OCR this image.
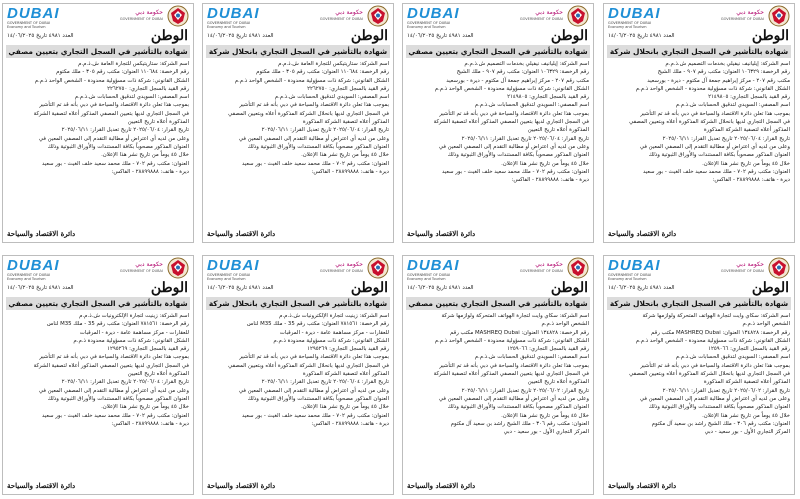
DUBAI
GOVERNMENT OF DUBAI
Economy and Tourism
حكومة دبي
GOVERNMENT OF DUBAI
العدد ٤٩٨١ تاريخ ١٤/٠٦/٢٠٢٥	الوطن
شهادة بالتأشير في السجل التجاري بانحلال شركة

اسم الشركة: إيليانيف نيفيلي بخدمات التصميم ش.ذ.م.م

رقم الرخصة: ١٠٦٣٢٩ العنوان: مكتب رقم ٩٠٧ - ملك الشيخ

مكتب رقم ٢٠٧ - مركز إبراهيم جمعة آل مكتوم - ديرة - بورسعيد

الشكل القانوني: شركة ذات مسؤولية محدودة - الشخص الواحد ذ.م.م

رقم القيد بالسجل التجاري: ٢١٤٩٨٠٥

اسم المصفي: السويدي لتدقيق الحسابات ش.ذ.م.م

بموجب هذا تعلن دائرة الاقتصاد والسياحة في دبي بأنه قد تم التأشير

في السجل التجاري لديها بانحلال الشركة المذكورة أعلاه وبتعيين المصفي

المذكور أعلاه لتصفية الشركة المذكورة

تاريخ القرار: ٢٠٢٥/٠٦/٠٤ تاريخ تعديل القرار: ٢٠٢٥/٠٦/١١

وعلى من لديه أي اعتراض أو مطالبة التقدم إلى المصفي المعين في

العنوان المذكور مصحوباً بكافة المستندات والأوراق الثبوتية وذلك

خلال ٤٥ يوماً من تاريخ نشر هذا الإعلان.

العنوان: مكتب رقم ٧٠٢ - ملك محمد سعيد خلف الغيث - بور سعيد

ديرة - هاتف: ٢٨٨٩٩٨٨٨ - الفاكس:

دائرة الاقتصاد والسياحة
DUBAI
GOVERNMENT OF DUBAI
Economy and Tourism
حكومة دبي
GOVERNMENT OF DUBAI
العدد ٤٩٨١ تاريخ ١٤/٠٦/٢٠٢٥	الوطن
شهادة بالتأشير في السجل التجاري بتعيين مصفي

اسم الشركة: إيليانيف نيفيلي بخدمات التصميم ش.ذ.م.م

رقم الرخصة: ١٠٦٣٢٩ العنوان: مكتب رقم ٩٠٧ - ملك الشيخ

مكتب رقم ٢٠٧ - مركز إبراهيم جمعة آل مكتوم - ديرة - بورسعيد

الشكل القانوني: شركة ذات مسؤولية محدودة - الشخص الواحد ذ.م.م

رقم القيد بالسجل التجاري: ٢١٤٩٨٠٥

اسم المصفي: السويدي لتدقيق الحسابات ش.ذ.م.م

بموجب هذا تعلن دائرة الاقتصاد والسياحة في دبي بأنه قد تم التأشير

في السجل التجاري لديها بتعيين المصفي المذكور أعلاه لتصفية الشركة

المذكورة أعلاه تاريخ التعيين

تاريخ القرار: ٢٠٢٥/٠٦/٠٤ تاريخ تعديل القرار: ٢٠٢٥/٠٦/١١

وعلى من لديه أي اعتراض أو مطالبة التقدم إلى المصفي المعين في

العنوان المذكور مصحوباً بكافة المستندات والأوراق الثبوتية وذلك

خلال ٤٥ يوماً من تاريخ نشر هذا الإعلان.

العنوان: مكتب رقم ٧٠٢ - ملك محمد سعيد خلف الغيث - بور سعيد

ديرة - هاتف: ٢٨٨٩٩٨٨٨ - الفاكس:

دائرة الاقتصاد والسياحة
DUBAI
GOVERNMENT OF DUBAI
Economy and Tourism
حكومة دبي
GOVERNMENT OF DUBAI
العدد ٤٩٨١ تاريخ ١٤/٠٦/٢٠٢٥	الوطن
شهادة بالتأشير في السجل التجاري بانحلال شركة

اسم الشركة: ستاريتيكس للتجارة العامة ش.ذ.م.م

رقم الرخصة: ١١٠٦٨٤ العنوان: مكتب رقم ٣٠٥ - ملك مكتوم

الشكل القانوني: شركة ذات مسؤولية محدودة - الشخص الواحد ذ.م.م

رقم القيد بالسجل التجاري: ٢٢٦٢٧٥٠

اسم المصفي: السويدي لتدقيق الحسابات ش.ذ.م.م

بموجب هذا تعلن دائرة الاقتصاد والسياحة في دبي بأنه قد تم التأشير

في السجل التجاري لديها بانحلال الشركة المذكورة أعلاه وبتعيين المصفي

المذكور أعلاه لتصفية الشركة المذكورة

تاريخ القرار: ٢٠٢٥/٠٦/٠٤ تاريخ تعديل القرار: ٢٠٢٥/٠٦/١١

وعلى من لديه أي اعتراض أو مطالبة التقدم إلى المصفي المعين في

العنوان المذكور مصحوباً بكافة المستندات والأوراق الثبوتية وذلك

خلال ٤٥ يوماً من تاريخ نشر هذا الإعلان.

العنوان: مكتب رقم ٧٠٢ - ملك محمد سعيد خلف الغيث - بور سعيد

ديرة - هاتف: ٢٨٨٩٩٨٨٨ - الفاكس:

دائرة الاقتصاد والسياحة
DUBAI
GOVERNMENT OF DUBAI
Economy and Tourism
حكومة دبي
GOVERNMENT OF DUBAI
العدد ٤٩٨١ تاريخ ١٤/٠٦/٢٠٢٥	الوطن
شهادة بالتأشير في السجل التجاري بتعيين مصفي

اسم الشركة: ستاريتيكس للتجارة العامة ش.ذ.م.م

رقم الرخصة: ١١٠٦٨٤ العنوان: مكتب رقم ٣٠٥ - ملك مكتوم

الشكل القانوني: شركة ذات مسؤولية محدودة - الشخص الواحد ذ.م.م

رقم القيد بالسجل التجاري: ٢٢٦٢٧٥٠

اسم المصفي: السويدي لتدقيق الحسابات ش.ذ.م.م

بموجب هذا تعلن دائرة الاقتصاد والسياحة في دبي بأنه قد تم التأشير

في السجل التجاري لديها بتعيين المصفي المذكور أعلاه لتصفية الشركة

المذكورة أعلاه تاريخ التعيين

تاريخ القرار: ٢٠٢٥/٠٦/٠٤ تاريخ تعديل القرار: ٢٠٢٥/٠٦/١١

وعلى من لديه أي اعتراض أو مطالبة التقدم إلى المصفي المعين في

العنوان المذكور مصحوباً بكافة المستندات والأوراق الثبوتية وذلك

خلال ٤٥ يوماً من تاريخ نشر هذا الإعلان.

العنوان: مكتب رقم ٧٠٢ - ملك محمد سعيد خلف الغيث - بور سعيد

ديرة - هاتف: ٢٨٨٩٩٨٨٨ - الفاكس:

دائرة الاقتصاد والسياحة
DUBAI
GOVERNMENT OF DUBAI
Economy and Tourism
حكومة دبي
GOVERNMENT OF DUBAI
العدد ٤٩٨١ تاريخ ١٤/٠٦/٢٠٢٥	الوطن
شهادة بالتأشير في السجل التجاري بانحلال شركة

اسم الشركة: سكاي وايت لتجارة الهواتف المتحركة ولوازمها شركة

الشخص الواحد ذ.م.م

رقم الرخصة: ١٣٤٨٢٨ العنوان: MASHREQ Dubai مكتب رقم

الشكل القانوني: شركة ذات مسؤولية محدودة - الشخص الواحد ذ.م.م

رقم القيد بالسجل التجاري: ١٢٥٩٠٦٦

اسم المصفي: السويدي لتدقيق الحسابات ش.ذ.م.م

بموجب هذا تعلن دائرة الاقتصاد والسياحة في دبي بأنه قد تم التأشير

في السجل التجاري لديها بانحلال الشركة المذكورة أعلاه وبتعيين المصفي

المذكور أعلاه لتصفية الشركة المذكورة

تاريخ القرار: ٢٠٢٥/٠٦/٠٢ تاريخ تعديل القرار: ٢٠٢٥/٠٦/١١

وعلى من لديه أي اعتراض أو مطالبة التقدم إلى المصفي المعين في

العنوان المذكور مصحوباً بكافة المستندات والأوراق الثبوتية وذلك

خلال ٤٥ يوماً من تاريخ نشر هذا الإعلان.

العنوان: مكتب رقم ٣٠٦ - ملك الشيخ راشد بن سعيد آل مكتوم

المركز التجاري الأول - بور سعيد - دبي

دائرة الاقتصاد والسياحة
DUBAI
GOVERNMENT OF DUBAI
Economy and Tourism
حكومة دبي
GOVERNMENT OF DUBAI
العدد ٤٩٨١ تاريخ ١٤/٠٦/٢٠٢٥	الوطن
شهادة بالتأشير في السجل التجاري بتعيين مصفي

اسم الشركة: سكاي وايت لتجارة الهواتف المتحركة ولوازمها شركة

الشخص الواحد ذ.م.م

رقم الرخصة: ١٣٤٨٢٨ العنوان: MASHREQ Dubai مكتب رقم

الشكل القانوني: شركة ذات مسؤولية محدودة - الشخص الواحد ذ.م.م

رقم القيد بالسجل التجاري: ١٢٥٩٠٦٦

اسم المصفي: السويدي لتدقيق الحسابات ش.ذ.م.م

بموجب هذا تعلن دائرة الاقتصاد والسياحة في دبي بأنه قد تم التأشير

في السجل التجاري لديها بتعيين المصفي المذكور أعلاه لتصفية الشركة

المذكورة أعلاه تاريخ التعيين

تاريخ القرار: ٢٠٢٥/٠٦/٠٢ تاريخ تعديل القرار: ٢٠٢٥/٠٦/١١

وعلى من لديه أي اعتراض أو مطالبة التقدم إلى المصفي المعين في

العنوان المذكور مصحوباً بكافة المستندات والأوراق الثبوتية وذلك

خلال ٤٥ يوماً من تاريخ نشر هذا الإعلان.

العنوان: مكتب رقم ٣٠٦ - ملك الشيخ راشد بن سعيد آل مكتوم

المركز التجاري الأول - بور سعيد - دبي

دائرة الاقتصاد والسياحة
DUBAI
GOVERNMENT OF DUBAI
Economy and Tourism
حكومة دبي
GOVERNMENT OF DUBAI
العدد ٤٩٨١ تاريخ ١٤/٠٦/٢٠٢٥	الوطن
شهادة بالتأشير في السجل التجاري بانحلال شركة

اسم الشركة: زينيت لتجارة الإلكترونيات ش.ذ.م.م

رقم الرخصة: ٧٨١٥٦١ العنوان: مكتب رقم 35 - ملك M35 لناس

للعقارات - مركز مساهمة عامة - ديرة - المرقبات

الشكل القانوني: شركة ذات مسؤولية محدودة ذ.م.م

رقم القيد بالسجل التجاري: ١٢٩٥٢٦٩

بموجب هذا تعلن دائرة الاقتصاد والسياحة في دبي بأنه قد تم التأشير

في السجل التجاري لديها بانحلال الشركة المذكورة أعلاه وبتعيين المصفي

المذكور أعلاه لتصفية الشركة المذكورة

تاريخ القرار: ٢٠٢٥/٠٦/٠٤ تاريخ تعديل القرار: ٢٠٢٥/٠٦/١١

وعلى من لديه أي اعتراض أو مطالبة التقدم إلى المصفي المعين في

العنوان المذكور مصحوباً بكافة المستندات والأوراق الثبوتية وذلك

خلال ٤٥ يوماً من تاريخ نشر هذا الإعلان.

العنوان: مكتب رقم ٧٠٢ - ملك محمد سعيد خلف الغيث - بور سعيد

ديرة - هاتف: ٢٨٨٩٩٨٨٨ - الفاكس:

دائرة الاقتصاد والسياحة
DUBAI
GOVERNMENT OF DUBAI
Economy and Tourism
حكومة دبي
GOVERNMENT OF DUBAI
العدد ٤٩٨١ تاريخ ١٤/٠٦/٢٠٢٥	الوطن
شهادة بالتأشير في السجل التجاري بتعيين مصفي

اسم الشركة: زينيت لتجارة الإلكترونيات ش.ذ.م.م

رقم الرخصة: ٧٨١٥٦١ العنوان: مكتب رقم 35 - ملك M35 لناس

للعقارات - مركز مساهمة عامة - ديرة - المرقبات

الشكل القانوني: شركة ذات مسؤولية محدودة ذ.م.م

رقم القيد بالسجل التجاري: ١٢٩٥٢٦٩

بموجب هذا تعلن دائرة الاقتصاد والسياحة في دبي بأنه قد تم التأشير

في السجل التجاري لديها بتعيين المصفي المذكور أعلاه لتصفية الشركة

المذكورة أعلاه تاريخ التعيين

تاريخ القرار: ٢٠٢٥/٠٦/٠٤ تاريخ تعديل القرار: ٢٠٢٥/٠٦/١١

وعلى من لديه أي اعتراض أو مطالبة التقدم إلى المصفي المعين في

العنوان المذكور مصحوباً بكافة المستندات والأوراق الثبوتية وذلك

خلال ٤٥ يوماً من تاريخ نشر هذا الإعلان.

العنوان: مكتب رقم ٧٠٢ - ملك محمد سعيد خلف الغيث - بور سعيد

ديرة - هاتف: ٢٨٨٩٩٨٨٨ - الفاكس:

دائرة الاقتصاد والسياحة
